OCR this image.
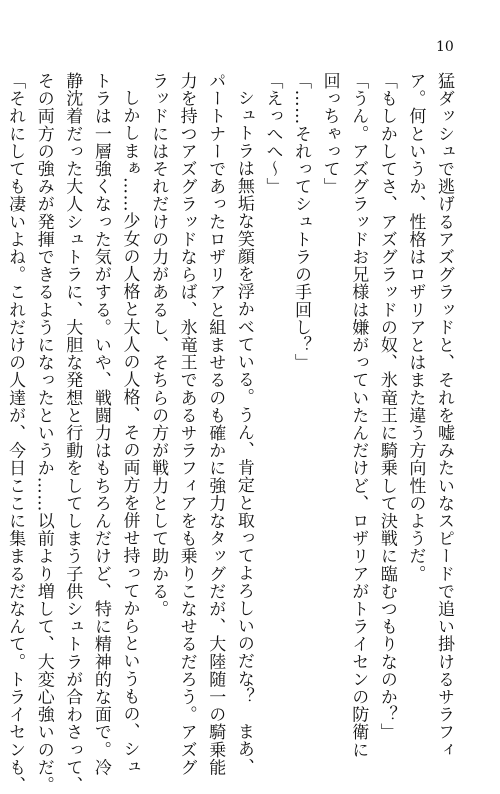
10
猛ダッシュで逃げるアズグラッドと、それを嘘みたいなスピードで追い掛けるサラフィ
ア。何というか、性格はロザリアとはまた違う方向性のようだ。
「もしかしてさ、アズグラッドの奴、氷竜王に騎乗して決戦に臨むつもりなのか？」
「うん。アズグラッドお兄様は嫌がっていたんだけど、ロザリアがトライセンの防衛に
回っちゃって」
「……それってシュトラの手回し？」
「えっへへ〜」
シュトラは無垢な笑顔を浮かべている。うん、肯定と取ってよろしいのだな？　まあ、
パートナーであったロザリアと組ませるのも確かに強力なタッグだが、大陸随一の騎乗能
力を持つアズグラッドならば、氷竜王であるサラフィアをも乗りこなせるだろう。アズグ
ラッドにはそれだけの力があるし、そちらの方が戦力として助かる。
しかしまぁ……少女の人格と大人の人格、その両方を併せ持ってからというもの、シュ
トラは一層強くなった気がする。いや、戦闘力はもちろんだけど、特に精神的な面で。冷
静沈着だった大人シュトラに、大胆な発想と行動をしてしまう子供シュトラが合わさって、
その両方の強みが発揮できるようになったというか……以前より増して、大変心強いのだ。
「それにしても凄いよね。これだけの人達が、今日ここに集まるだなんて。トライセンも、
